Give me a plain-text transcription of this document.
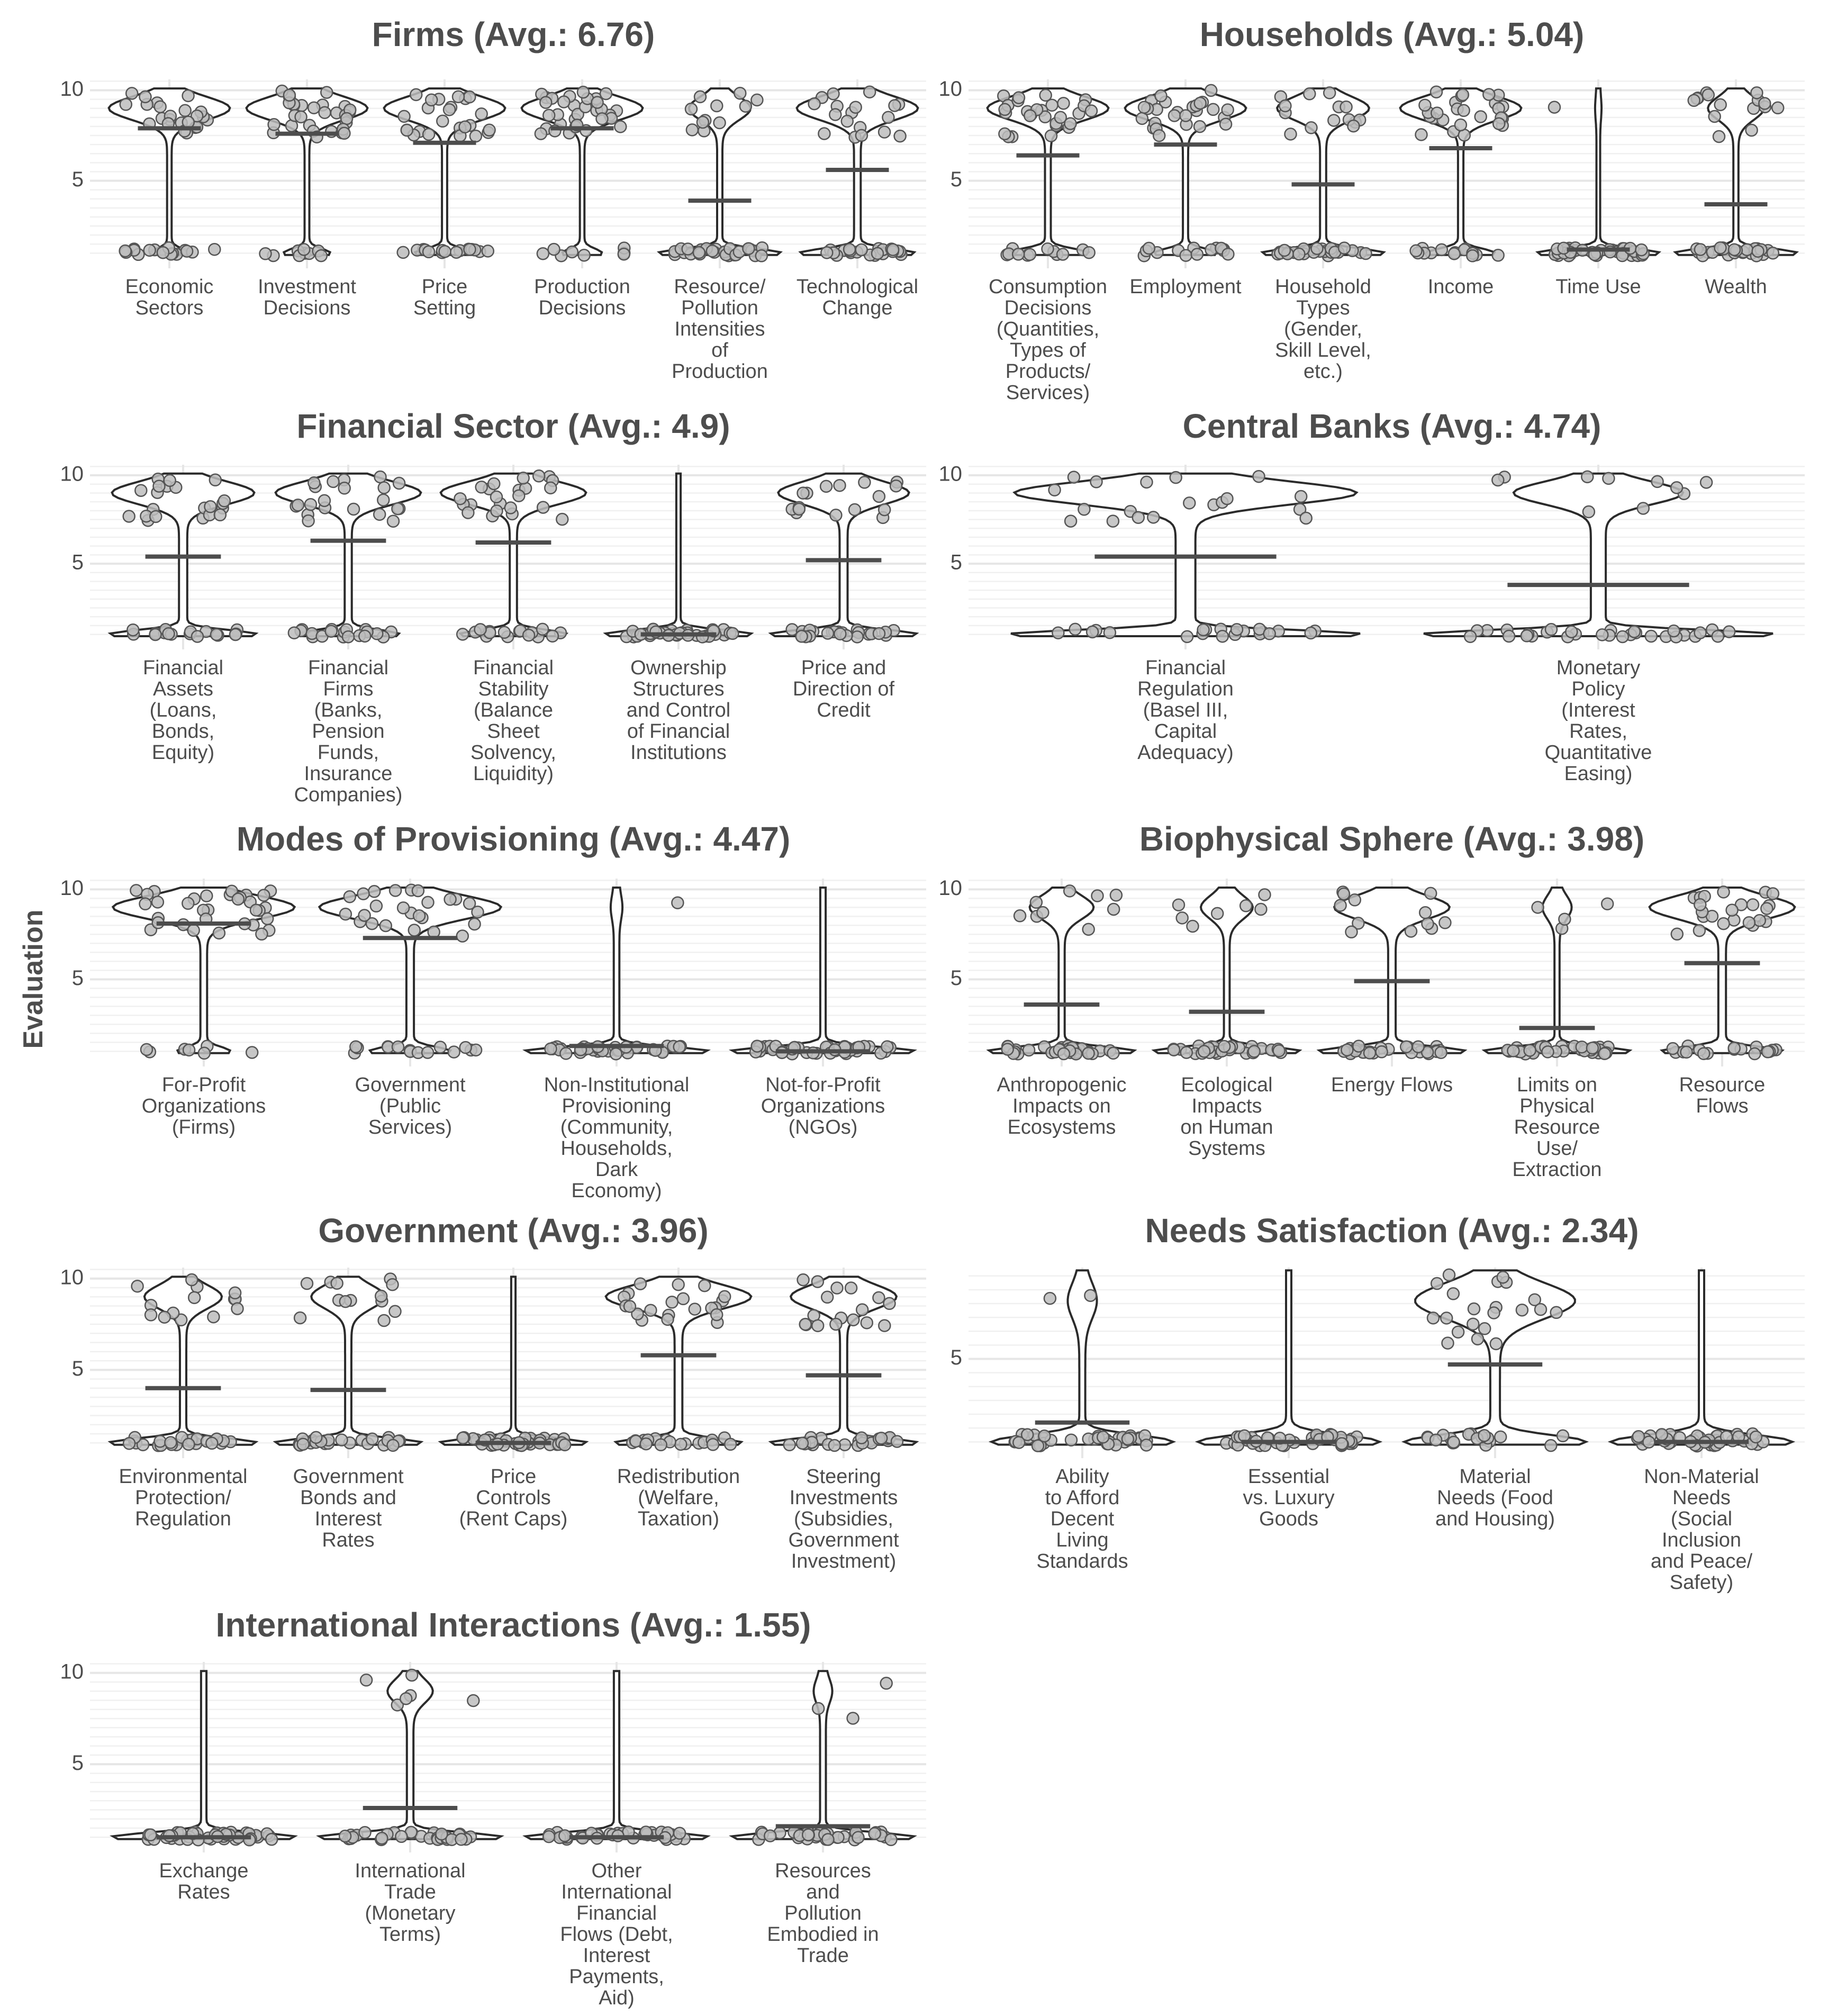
Evaluation
Firms (Avg.: 6.76)
5
10
Economic Sectors
Investment Decisions
Price Setting
Production Decisions
Resource/ Pollution Intensities of Production
Technological Change
Households (Avg.: 5.04)
5
10
Consumption Decisions (Quantities, Types of Products/ Services)
Employment Household Types (Gender, Skill Level, etc.)
Income	Time Use	Wealth
Financial Sector (Avg.: 4.9)
5
10
Financial Assets (Loans, Bonds, Equity)
Financial Firms (Banks, Pension Funds, Insurance Companies)
Financial Stability (Balance Sheet Solvency, Liquidity)
Ownership Structures and Control of Financial Institutions
Price and Direction of Credit
Central Banks (Avg.: 4.74)
5
10
Financial Regulation (Basel III, Capital Adequacy)
Monetary Policy (Interest Rates, Quantitative Easing)
Modes of Provisioning (Avg.: 4.47)
5
10
For-Profit Organizations (Firms)
Government (Public Services)
Non-Institutional Provisioning (Community, Households, Dark Economy)
Not-for-Profit Organizations (NGOs)
Biophysical Sphere (Avg.: 3.98)
5
10
Anthropogenic Impacts on Ecosystems
Ecological Impacts on Human Systems
Energy Flows	Limits on Physical Resource Use/ Extraction
Resource Flows
Government (Avg.: 3.96)
5
10
Environmental Protection/ Regulation
Government Bonds and Interest Rates
Price Controls (Rent Caps)
Redistribution (Welfare, Taxation)
Steering Investments (Subsidies, Government Investment)
Needs Satisfaction (Avg.: 2.34)
5
Ability to Afford Decent Living Standards
Essential vs. Luxury Goods
Material Needs (Food and Housing)
Non-Material Needs (Social Inclusion and Peace/ Safety)
International Interactions (Avg.: 1.55)
5
10
Exchange Rates
International Trade (Monetary Terms)
Other International Financial Flows (Debt, Interest Payments, Aid)
Resources and Pollution Embodied in Trade
